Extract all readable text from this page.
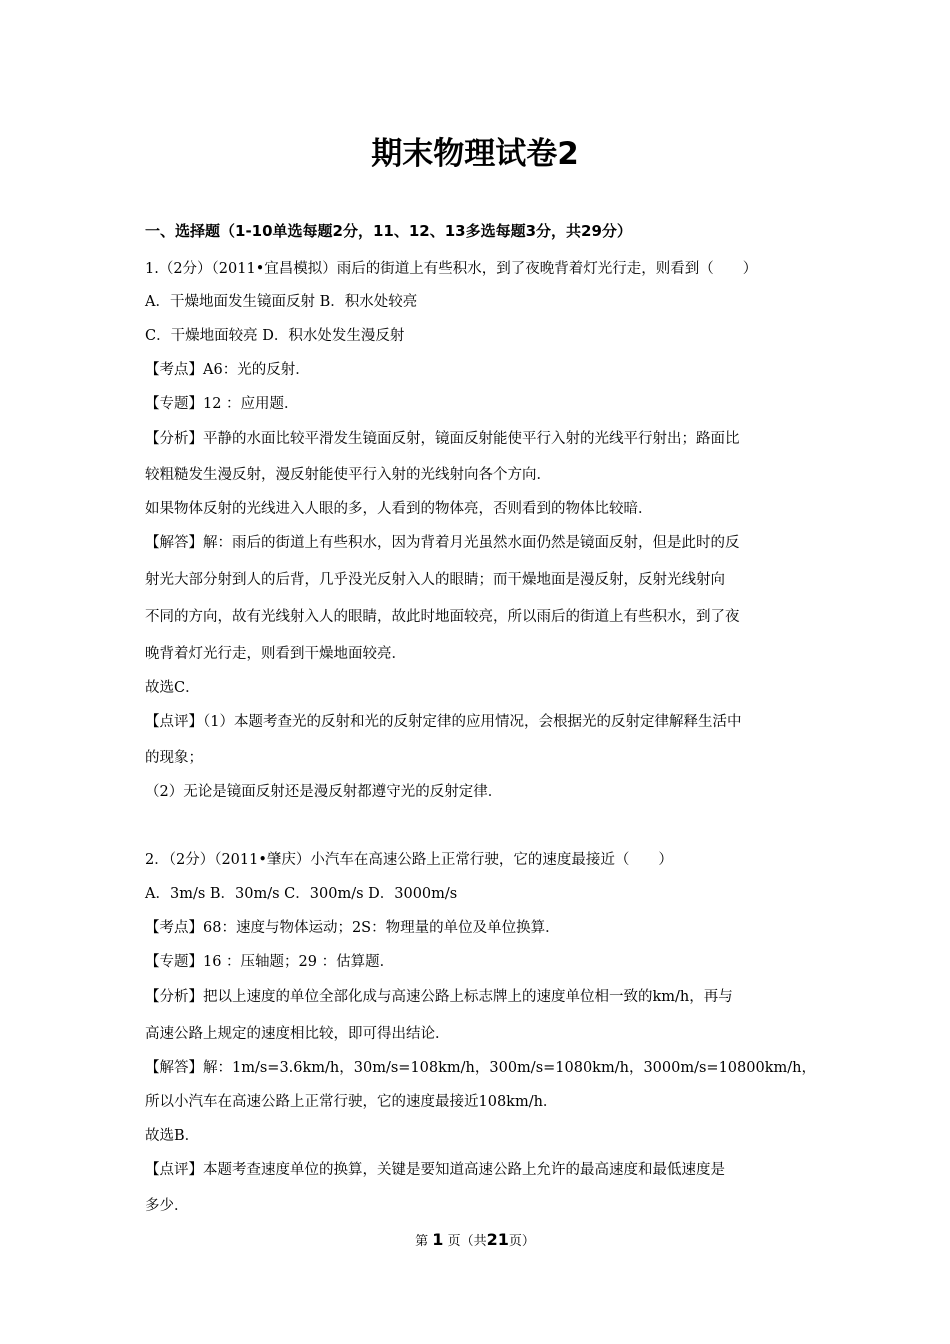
期末物理试卷2
一、选择题（1-10单选每题2分，11、12、13多选每题3分，共29分）
1.（2分）（2011•宜昌模拟）雨后的街道上有些积水，到了夜晚背着灯光行走，则看到（　　）
A．干燥地面发生镜面反射 B．积水处较亮
C．干燥地面较亮 D．积水处发生漫反射
【考点】A6：光的反射．
【专题】12 ：应用题．
【分析】平静的水面比较平滑发生镜面反射，镜面反射能使平行入射的光线平行射出；路面比
较粗糙发生漫反射，漫反射能使平行入射的光线射向各个方向．
如果物体反射的光线进入人眼的多，人看到的物体亮，否则看到的物体比较暗．
【解答】解：雨后的街道上有些积水，因为背着月光虽然水面仍然是镜面反射，但是此时的反
射光大部分射到人的后背，几乎没光反射入人的眼睛；而干燥地面是漫反射，反射光线射向
不同的方向，故有光线射入人的眼睛，故此时地面较亮，所以雨后的街道上有些积水，到了夜
晚背着灯光行走，则看到干燥地面较亮．
故选C．
【点评】（1）本题考查光的反射和光的反射定律的应用情况，会根据光的反射定律解释生活中
的现象；
（2）无论是镜面反射还是漫反射都遵守光的反射定律．
2．（2分）（2011•肇庆）小汽车在高速公路上正常行驶，它的速度最接近（　　）
A．3m/s B．30m/s C．300m/s D．3000m/s
【考点】68：速度与物体运动；2S：物理量的单位及单位换算．
【专题】16 ：压轴题；29 ：估算题．
【分析】把以上速度的单位全部化成与高速公路上标志牌上的速度单位相一致的km/h，再与
高速公路上规定的速度相比较，即可得出结论．
【解答】解：1m/s=3.6km/h，30m/s=108km/h，300m/s=1080km/h，3000m/s=10800km/h，
所以小汽车在高速公路上正常行驶，它的速度最接近108km/h．
故选B．
【点评】本题考查速度单位的换算，关键是要知道高速公路上允许的最高速度和最低速度是
多少．
第 1 页（共21页）
